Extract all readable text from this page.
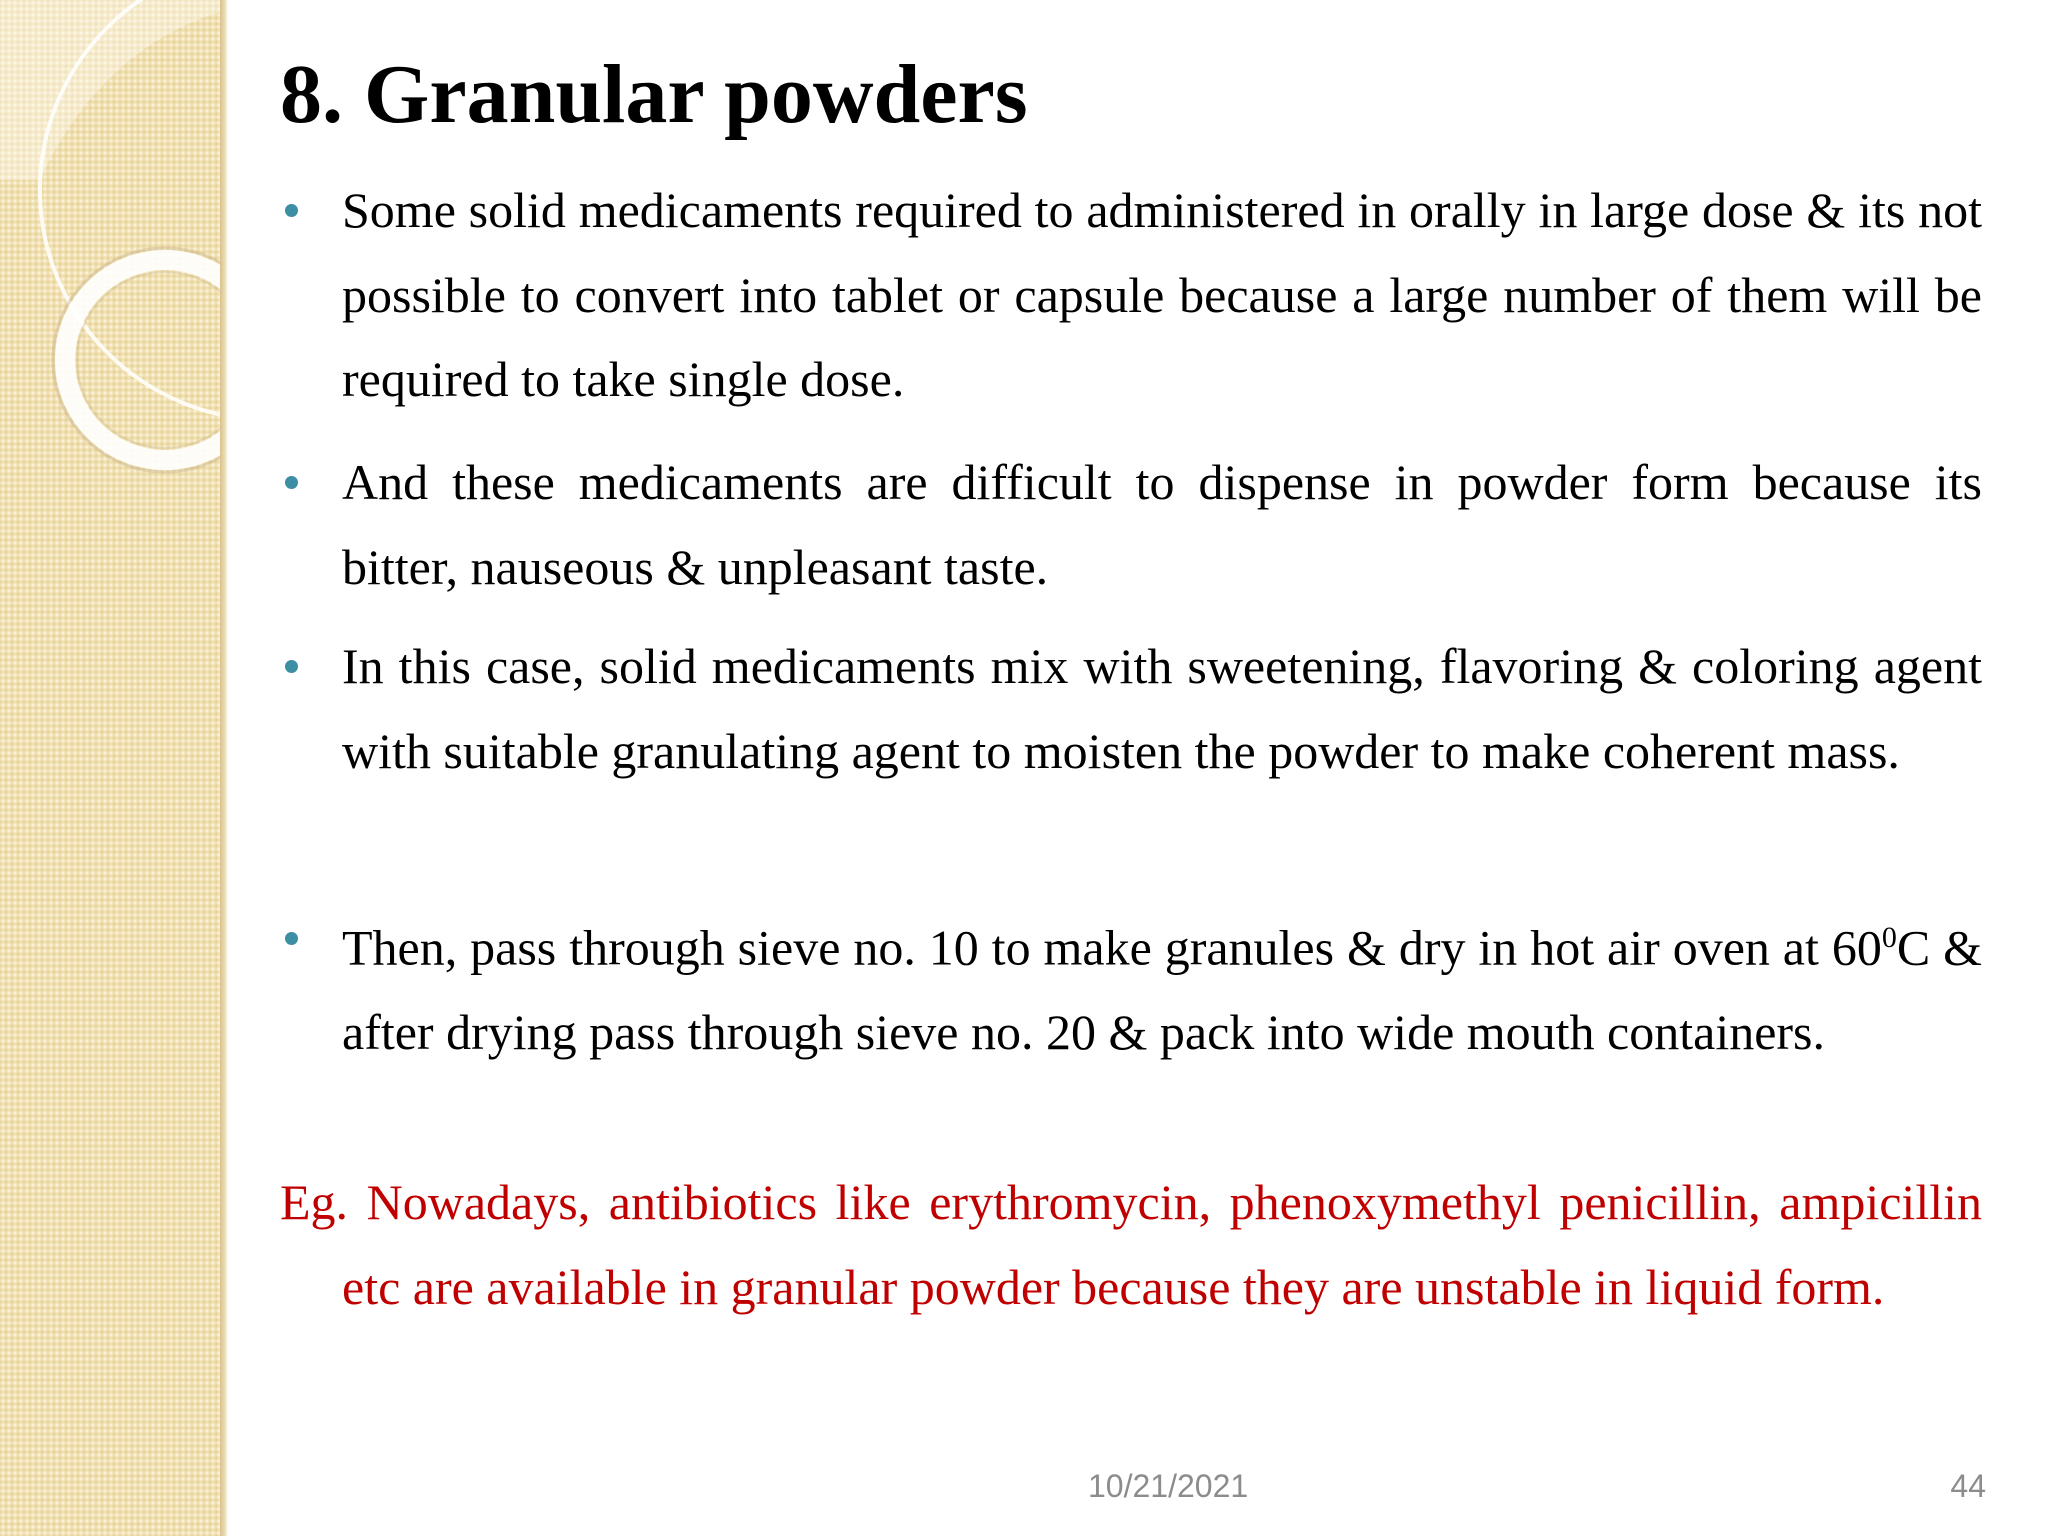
8. Granular powders

Some solid medicaments required to administered in orally in large dose & its not possible to convert into tablet or capsule because a large number of them will be required to take single dose.

And these medicaments are difficult to dispense in powder form because its bitter, nauseous & unpleasant taste.

In this case, solid medicaments mix with sweetening, flavoring & coloring agent with suitable granulating agent to moisten the powder to make coherent mass.

Then, pass through sieve no. 10 to make granules & dry in hot air oven at $60^0C$ & after drying pass through sieve no. 20 & pack into wide mouth containers.

Eg. Nowadays, antibiotics like erythromycin, phenoxymethyl penicillin, ampicillin etc are available in granular powder because they are unstable in liquid form.

10/21/2021	44
